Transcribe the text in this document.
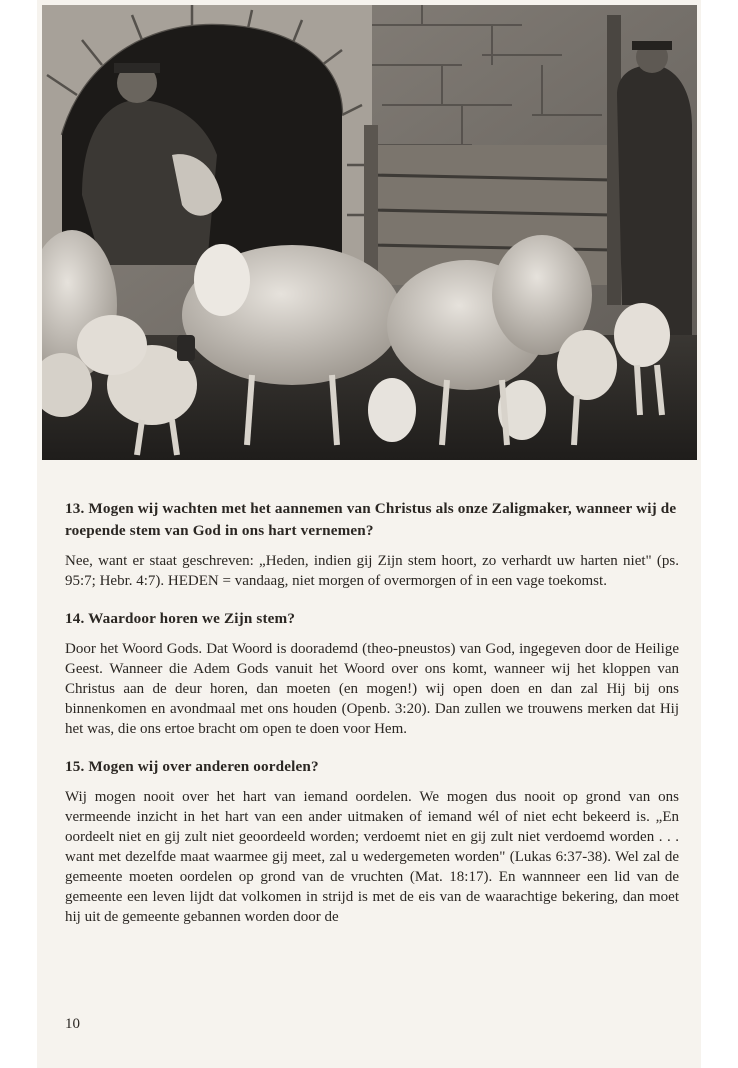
13. Mogen wij wachten met het aannemen van Christus als onze Zaligmaker, wanneer wij de roepende stem van God in ons hart vernemen?

Nee, want er staat geschreven: „Heden, indien gij Zijn stem hoort, zo verhardt uw harten niet" (ps. 95:7; Hebr. 4:7). HEDEN = vandaag, niet morgen of overmorgen of in een vage toekomst.

14. Waardoor horen we Zijn stem?

Door het Woord Gods. Dat Woord is doorademd (theo-pneustos) van God, ingegeven door de Heilige Geest. Wanneer die Adem Gods vanuit het Woord over ons komt, wanneer wij het kloppen van Christus aan de deur horen, dan moeten (en mogen!) wij open doen en dan zal Hij bij ons binnenkomen en avondmaal met ons houden (Openb. 3:20). Dan zullen we trouwens merken dat Hij het was, die ons ertoe bracht om open te doen voor Hem.

15. Mogen wij over anderen oordelen?

Wij mogen nooit over het hart van iemand oordelen. We mogen dus nooit op grond van ons vermeende inzicht in het hart van een ander uitmaken of iemand wél of niet echt bekeerd is. „En oordeelt niet en gij zult niet geoordeeld worden; verdoemt niet en gij zult niet verdoemd worden . . . want met dezelfde maat waarmee gij meet, zal u wedergemeten worden" (Lukas 6:37-38). Wel zal de gemeente moeten oordelen op grond van de vruchten (Mat. 18:17). En wannneer een lid van de gemeente een leven lijdt dat volkomen in strijd is met de eis van de waarachtige bekering, dan moet hij uit de gemeente gebannen worden door de

10
